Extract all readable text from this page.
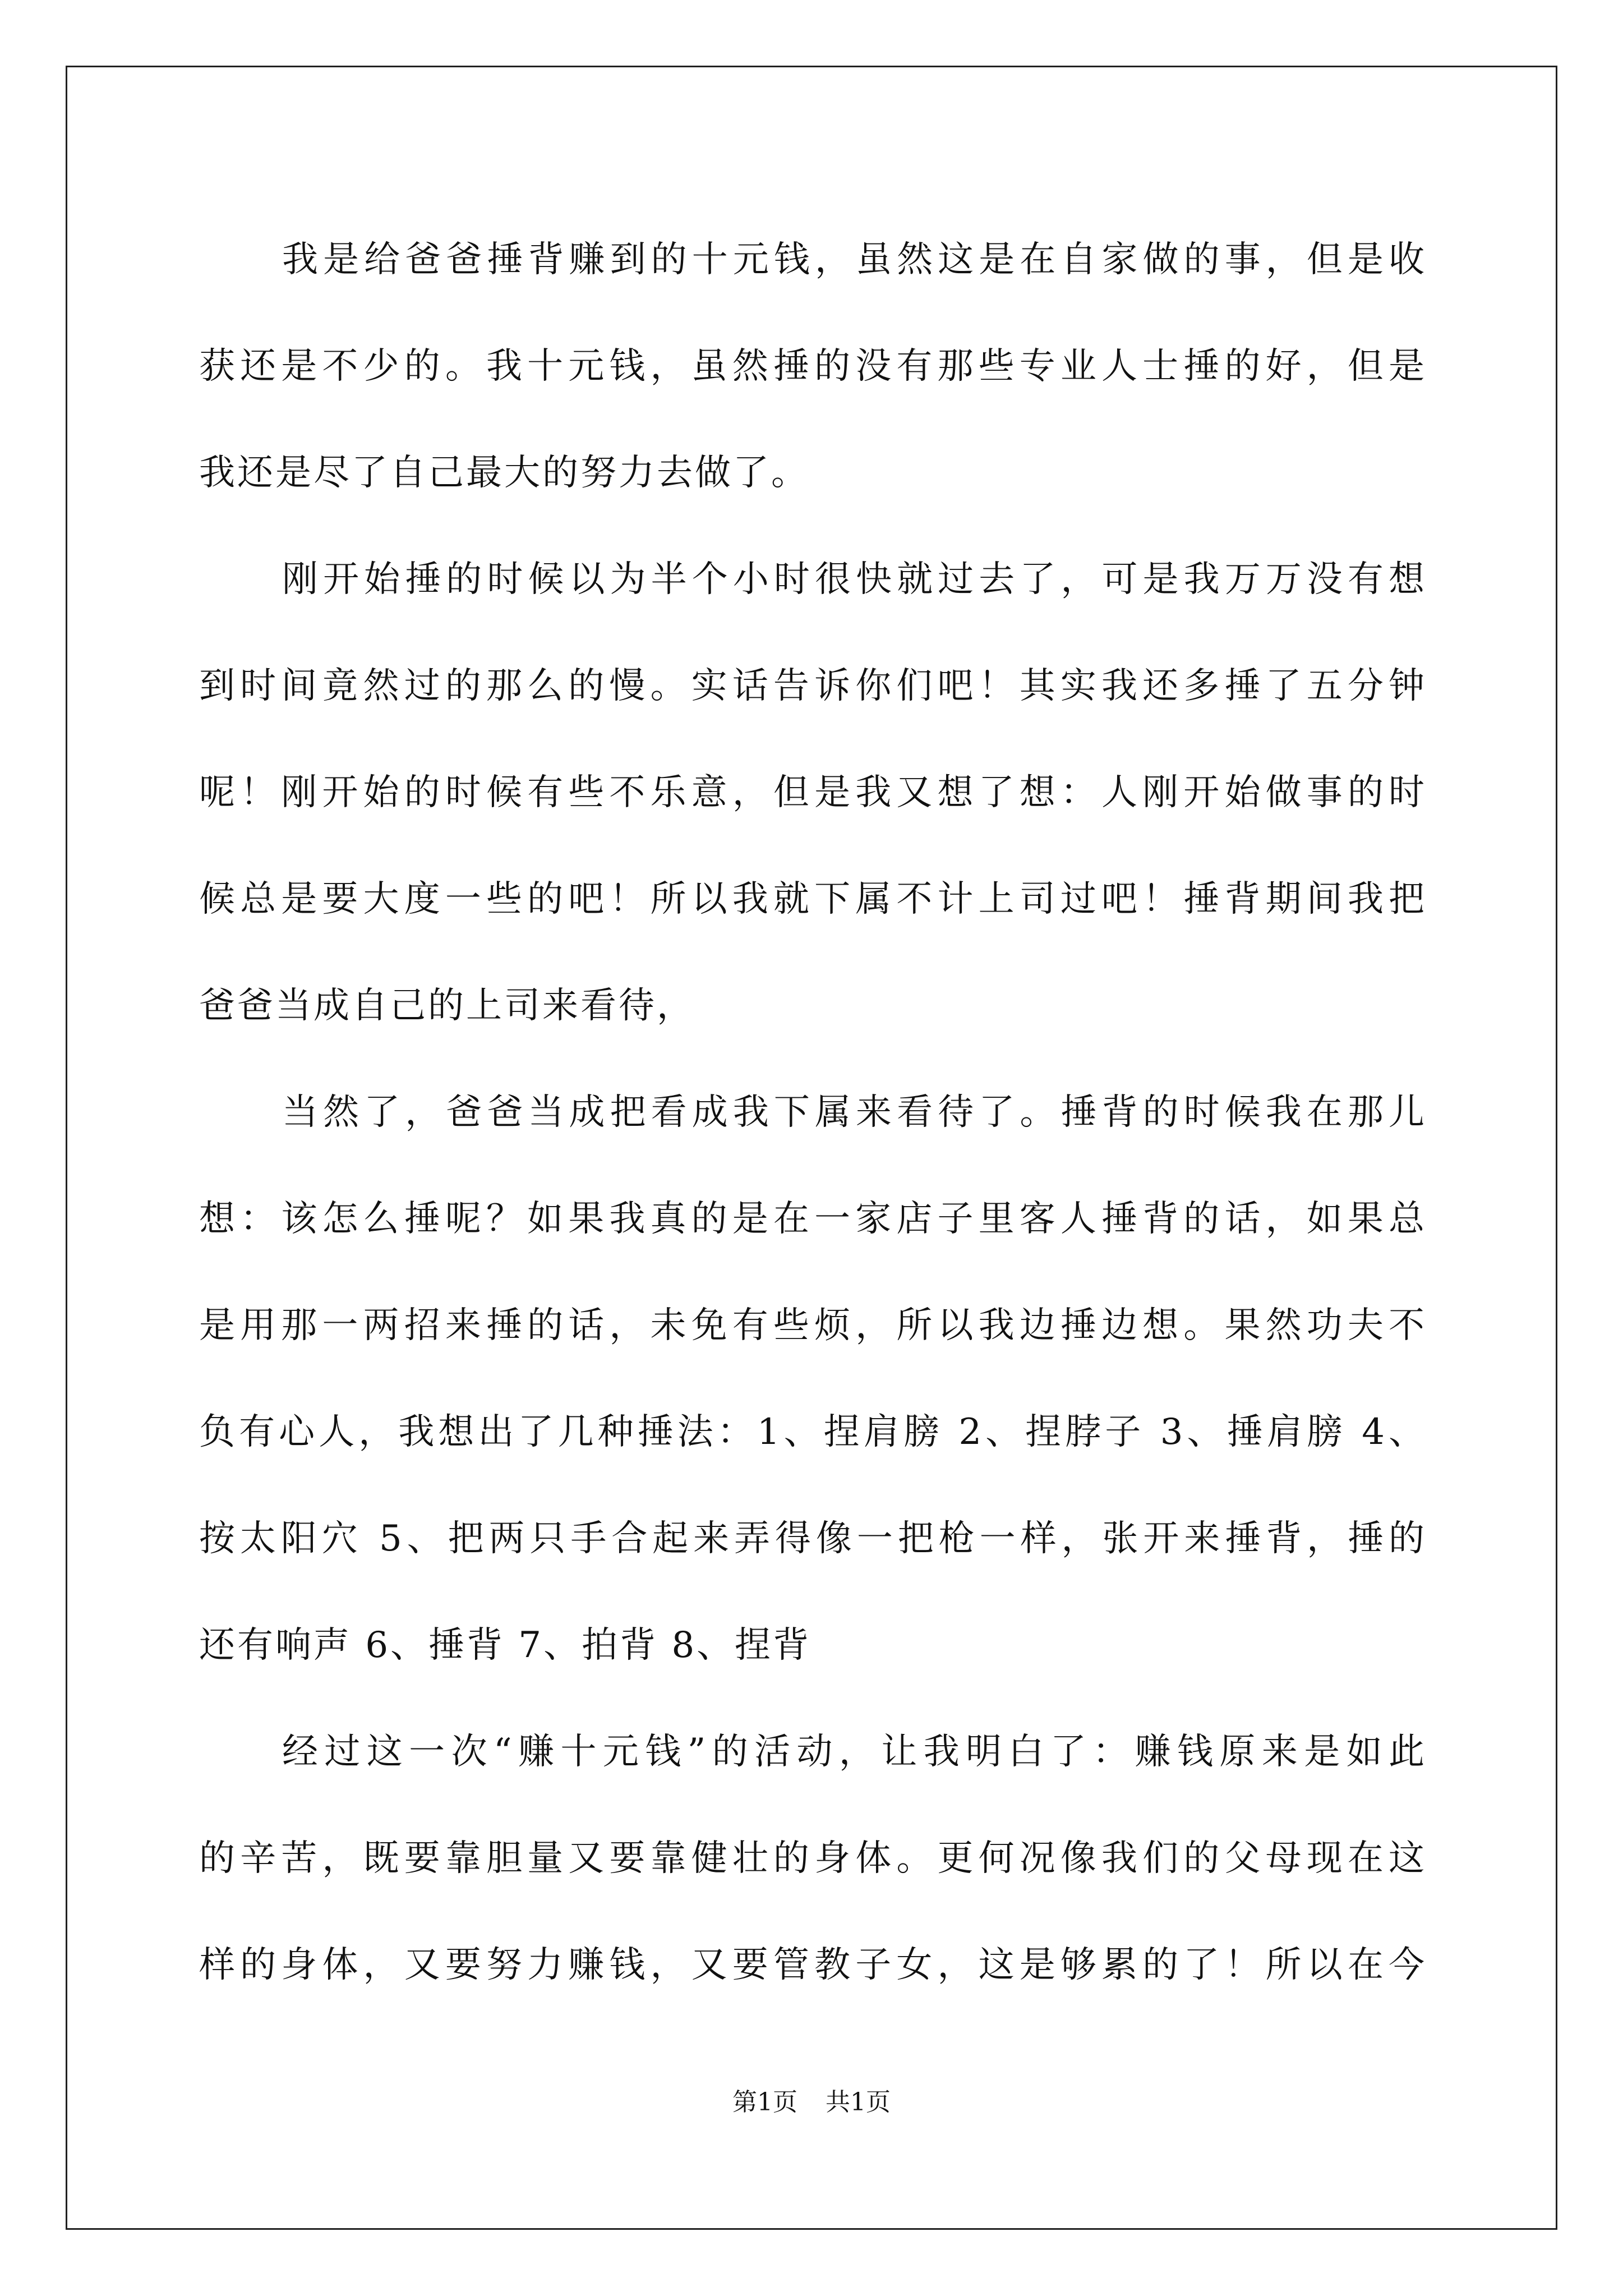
我是给爸爸捶背赚到的十元钱，虽然这是在自家做的事，但是收
获还是不少的。我十元钱，虽然捶的没有那些专业人士捶的好，但是
我还是尽了自己最大的努力去做了。
刚开始捶的时候以为半个小时很快就过去了，可是我万万没有想
到时间竟然过的那么的慢。实话告诉你们吧！其实我还多捶了五分钟
呢！刚开始的时候有些不乐意，但是我又想了想：人刚开始做事的时
候总是要大度一些的吧！所以我就下属不计上司过吧！捶背期间我把
爸爸当成自己的上司来看待，
当然了，爸爸当成把看成我下属来看待了。捶背的时候我在那儿
想：该怎么捶呢？如果我真的是在一家店子里客人捶背的话，如果总
是用那一两招来捶的话，未免有些烦，所以我边捶边想。果然功夫不
负有心人，我想出了几种捶法：1、捏肩膀 2、捏脖子 3、捶肩膀 4、
按太阳穴 5、把两只手合起来弄得像一把枪一样，张开来捶背，捶的
还有响声 6、捶背 7、拍背 8、捏背
经过这一次“赚十元钱”的活动，让我明白了：赚钱原来是如此
的辛苦，既要靠胆量又要靠健壮的身体。更何况像我们的父母现在这
样的身体，又要努力赚钱，又要管教子女，这是够累的了！所以在今
第1页 共1页
